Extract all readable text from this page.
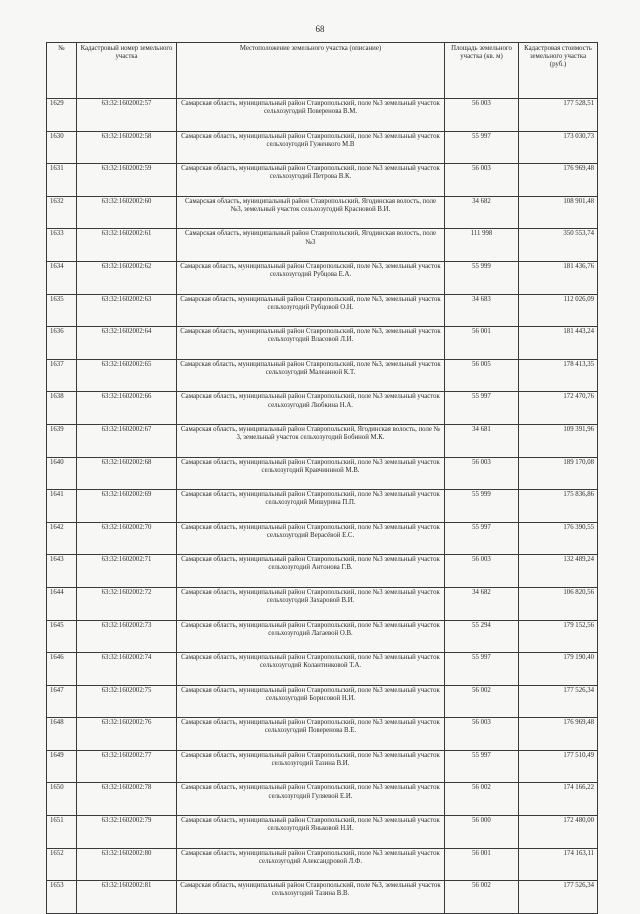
68
№	Кадастровый номер земельного участка	Местоположение земельного участка (описание)	Площадь земельного участка (кв. м)	Кадастровая стоимость земельного участка (руб.)
1629	63:32:1602002:57	Самарская область, муниципальный район Ставропольский, поле №3 земельный участок сельхозугодий Поверенова В.М.	56 003	177 528,51
1630	63:32:1602002:58	Самарская область, муниципальный район Ставропольский, поле №3 земельный участок сельхозугодий Гуженкого М.В	55 997	173 030,73
1631	63:32:1602002:59	Самарская область, муниципальный район Ставропольский, поле №3 земельный участок сельхозугодий Петрова В.К.	56 003	176 969,48
1632	63:32:1602002:60	Самарская область, муниципальный район Ставропольский, Ягодинская волость, поле №3, земельный участок сельхозугодий Красновой В.И.	34 682	108 901,48
1633	63:32:1602002:61	Самарская область, муниципальный район Ставропольский, Ягодинская волость, поле №3	111 998	350 553,74
1634	63:32:1602002:62	Самарская область, муниципальный район Ставропольский, поле №3, земельный участок сельхозугодий Рубцова Е.А.	55 999	181 436,76
1635	63:32:1602002:63	Самарская область, муниципальный район Ставропольский, поле №3, земельный участок сельхозугодий Рубцовой О.Н.	34 683	112 026,09
1636	63:32:1602002:64	Самарская область, муниципальный район Ставропольский, поле №3, земельный участок сельхозугодий Власовой Л.И.	56 001	181 443,24
1637	63:32:1602002:65	Самарская область, муниципальный район Ставропольский, поле №3, земельный участок сельхозугодий Малеанной К.Т.	56 005	178 413,35
1638	63:32:1602002:66	Самарская область, муниципальный район Ставропольский, поле №3 земельный участок сельхозугодий Любкина Н.А.	55 997	172 470,76
1639	63:32:1602002:67	Самарская область, муниципальный район Ставропольский, Ягодинская волость, поле № 3, земельный участок сельхозугодий Бобиной М.К.	34 681	109 391,96
1640	63:32:1602002:68	Самарская область, муниципальный район Ставропольский, поле №3 земельный участок сельхозугодий Кравчиннной М.В.	56 003	189 170,08
1641	63:32:1602002:69	Самарская область, муниципальный район Ставропольский, поле №3 земельный участок сельхозугодий Мишурина П.П.	55 999	175 836,86
1642	63:32:1602002:70	Самарская область, муниципальный район Ставропольский, поле №3 земельный участок сельхозугодий Верасёвой Е.С.	55 997	176 390,55
1643	63:32:1602002:71	Самарская область, муниципальный район Ставропольский, поле №3 земельный участок сельхозугодий Антонова Г.В.	56 003	132 489,24
1644	63:32:1602002:72	Самарская область, муниципальный район Ставропольский, поле №3 земельный участок сельхозугодий Захаровой В.И.	34 682	106 820,56
1645	63:32:1602002:73	Самарская область, муниципальный район Ставропольский, поле №3 земельный участок сельхозугодий Лагаевой О.В.	55 294	179 152,56
1646	63:32:1602002:74	Самарская область, муниципальный район Ставропольский, поле №3 земельный участок сельхозугодий Колантинковой Т.А.	55 997	179 190,40
1647	63:32:1602002:75	Самарская область, муниципальный район Ставропольский, поле №3 земельный участок сельхозугодий Борисовой Н.И.	56 002	177 526,34
1648	63:32:1602002:76	Самарская область, муниципальный район Ставропольский, поле №3 земельный участок сельхозугодий Поверенова В.Е.	56 003	176 969,48
1649	63:32:1602002:77	Самарская область, муниципальный район Ставропольский, поле №3 земельный участок сельхозугодий Тазина В.И.	55 997	177 510,49
1650	63:32:1602002:78	Самарская область, муниципальный район Ставропольский, поле №3 земельный участок сельхозугодий Гуляевой Е.И.	56 002	174 166,22
1651	63:32:1602002:79	Самарская область, муниципальный район Ставропольский, поле №3 земельный участок сельхозугодий Яньковой Н.И.	56 000	172 480,00
1652	63:32:1602002:80	Самарская область, муниципальный район Ставропольский, поле №3 земельный участок сельхозугодий Александровой Л.Ф.	56 001	174 163,11
1653	63:32:1602002:81	Самарская область, муниципальный район Ставропольский, поле №3, земельный участок сельхозугодий Тазина В.В.	56 002	177 526,34
